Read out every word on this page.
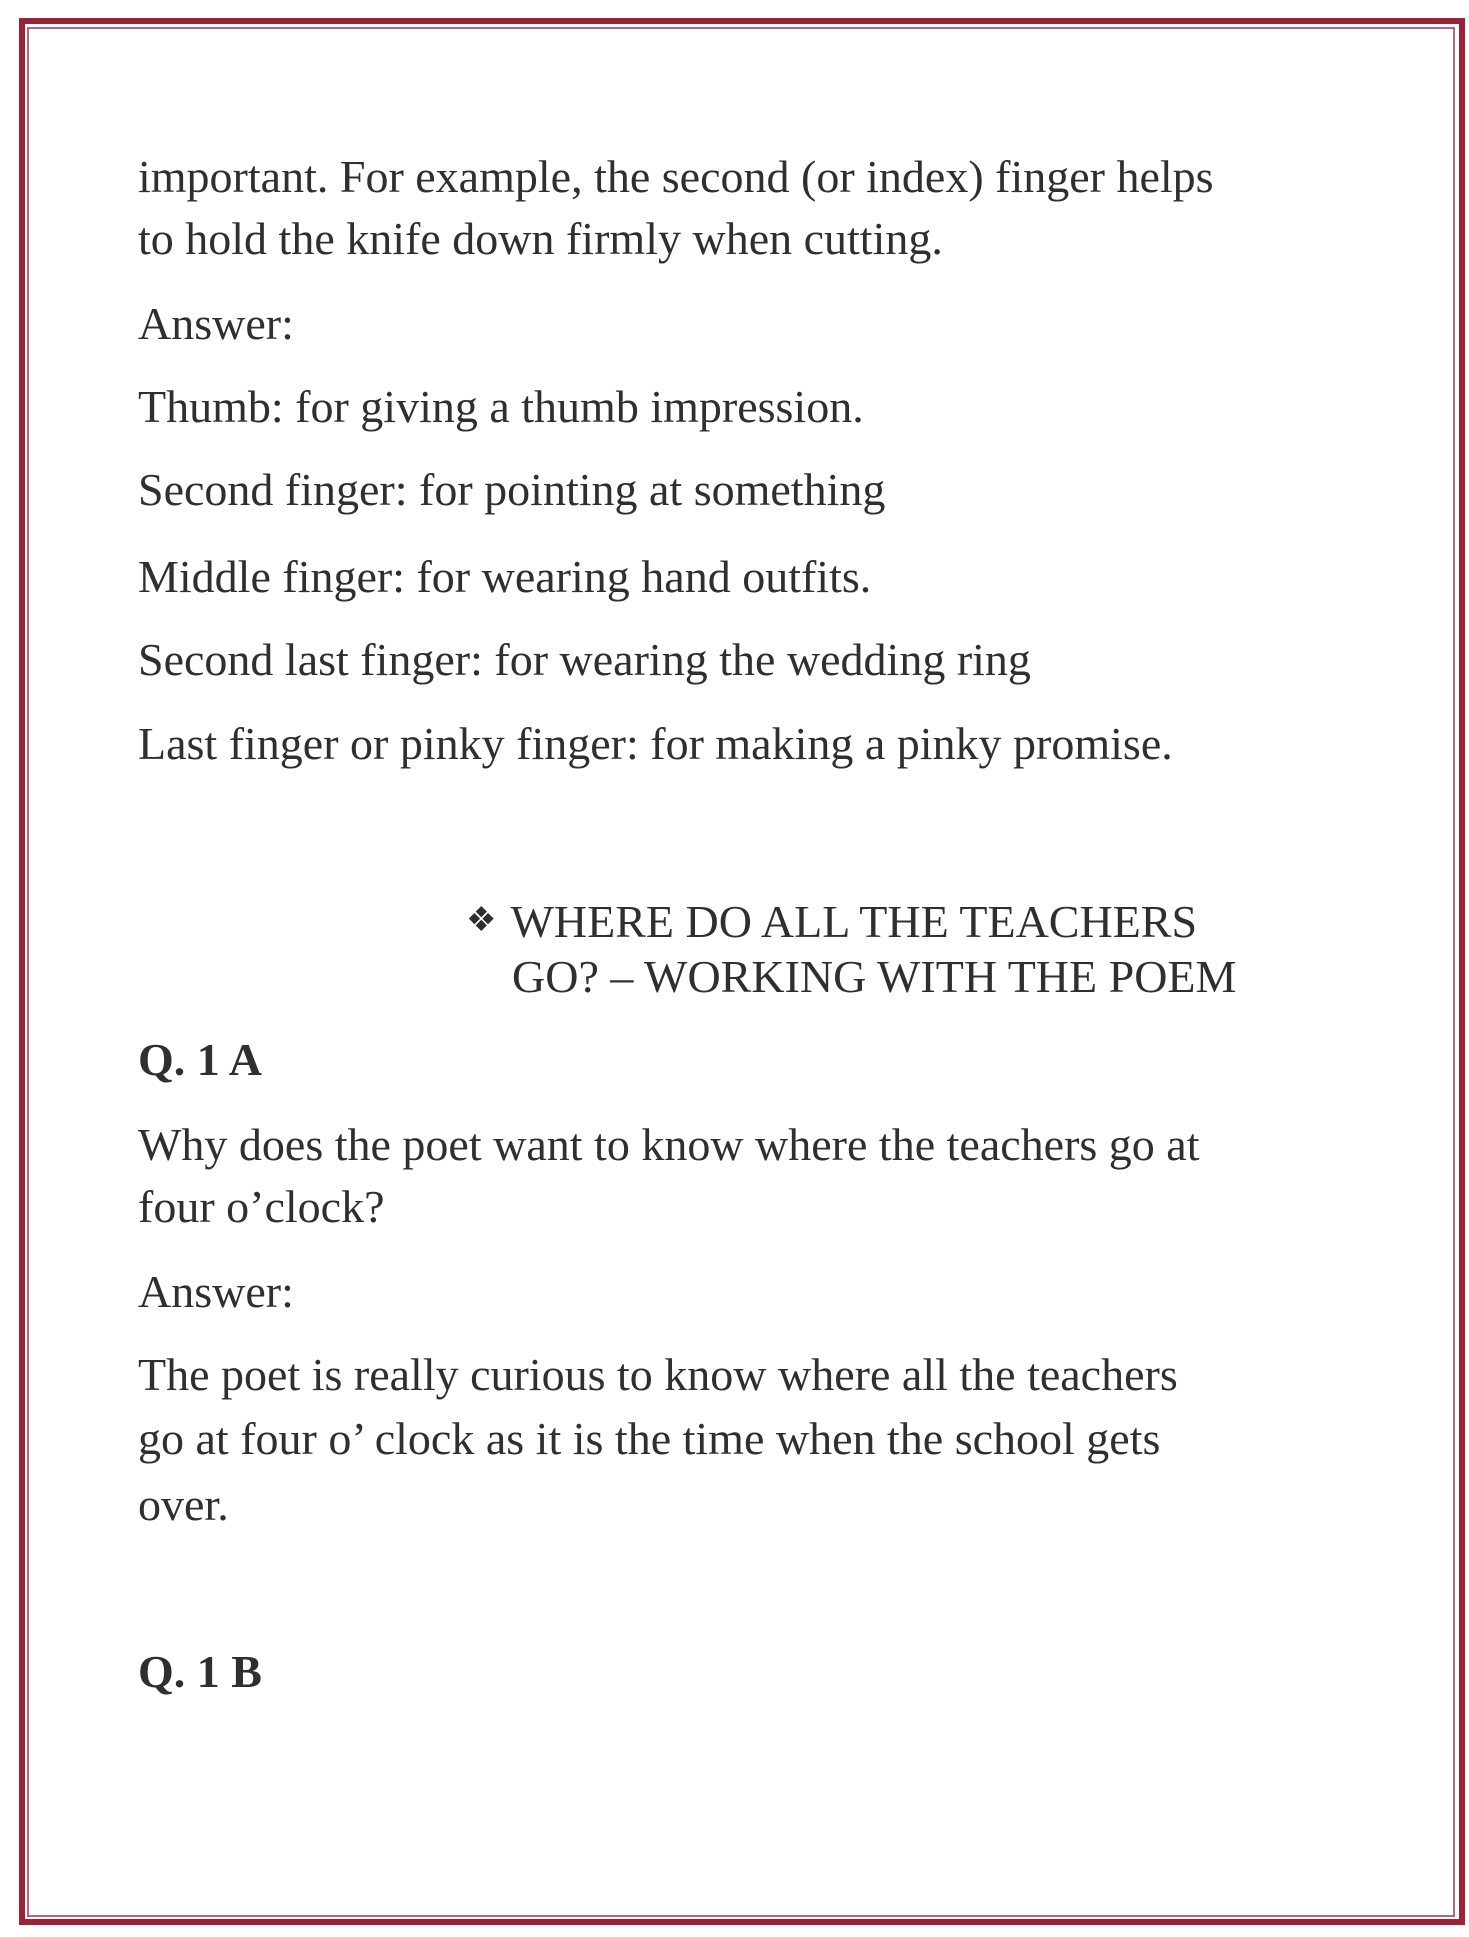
important. For example, the second (or index) finger helps
to hold the knife down firmly when cutting.
Answer:
Thumb: for giving a thumb impression.
Second finger: for pointing at something
Middle finger: for wearing hand outfits.
Second last finger: for wearing the wedding ring
Last finger or pinky finger: for making a pinky promise.
❖ WHERE DO ALL THE TEACHERS
GO? – WORKING WITH THE POEM
Q. 1 A
Why does the poet want to know where the teachers go at
four o’clock?
Answer:
The poet is really curious to know where all the teachers
go at four o’ clock as it is the time when the school gets
over.
Q. 1 B
